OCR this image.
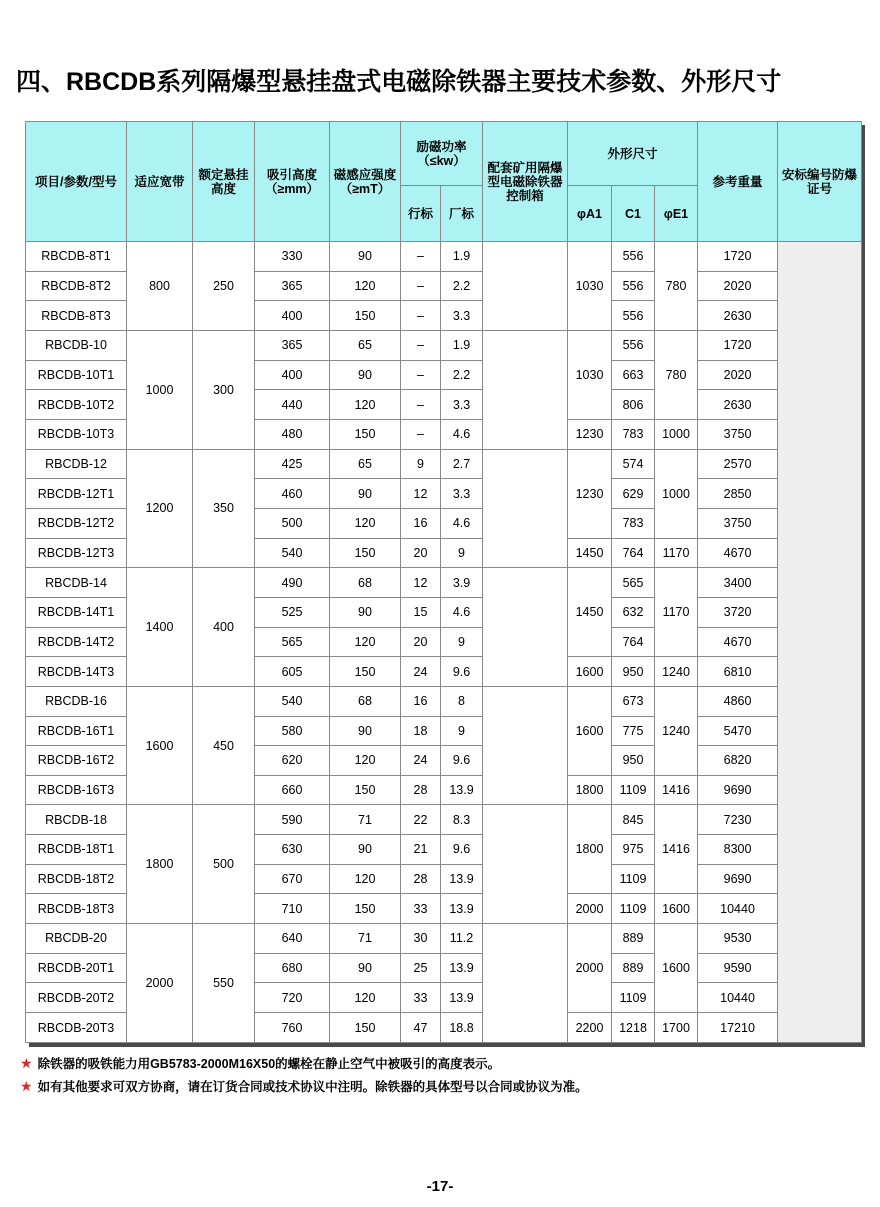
四、RBCDB系列隔爆型悬挂盘式电磁除铁器主要技术参数、外形尺寸
项目/参数/型号	适应宽带	额定悬挂高度	吸引高度（≥mm）	磁感应强度（≥mT）	励磁功率（≤kw）		配套矿用隔爆型电磁除铁器控制箱	外形尺寸			参考重量	安标编号防爆证号
					行标	厂标		φA1	C1	φE1		
RBCDB-8T1	800	250	330	90	–	1.9		1030	556	780	1720	
RBCDB-8T2			365	120	–	2.2			556		2020	
RBCDB-8T3			400	150	–	3.3			556		2630	
RBCDB-10	1000	300	365	65	–	1.9		1030	556	780	1720	
RBCDB-10T1			400	90	–	2.2			663		2020	
RBCDB-10T2			440	120	–	3.3			806		2630	
RBCDB-10T3			480	150	–	4.6		1230	783	1000	3750	
RBCDB-12	1200	350	425	65	9	2.7		1230	574	1000	2570	
RBCDB-12T1			460	90	12	3.3			629		2850	
RBCDB-12T2			500	120	16	4.6			783		3750	
RBCDB-12T3			540	150	20	9		1450	764	1170	4670	
RBCDB-14	1400	400	490	68	12	3.9		1450	565	1170	3400	
RBCDB-14T1			525	90	15	4.6			632		3720	
RBCDB-14T2			565	120	20	9			764		4670	
RBCDB-14T3			605	150	24	9.6		1600	950	1240	6810	
RBCDB-16	1600	450	540	68	16	8		1600	673	1240	4860	
RBCDB-16T1			580	90	18	9			775		5470	
RBCDB-16T2			620	120	24	9.6			950		6820	
RBCDB-16T3			660	150	28	13.9		1800	1109	1416	9690	
RBCDB-18	1800	500	590	71	22	8.3		1800	845	1416	7230	
RBCDB-18T1			630	90	21	9.6			975		8300	
RBCDB-18T2			670	120	28	13.9			1109		9690	
RBCDB-18T3			710	150	33	13.9		2000	1109	1600	10440	
RBCDB-20	2000	550	640	71	30	11.2		2000	889	1600	9530	
RBCDB-20T1			680	90	25	13.9			889		9590	
RBCDB-20T2			720	120	33	13.9			1109		10440	
RBCDB-20T3			760	150	47	18.8		2200	1218	1700	17210	
★ 除铁器的吸铁能力用GB5783-2000M16X50的螺栓在静止空气中被吸引的高度表示。
★ 如有其他要求可双方协商，请在订货合同或技术协议中注明。除铁器的具体型号以合同或协议为准。
-17-
